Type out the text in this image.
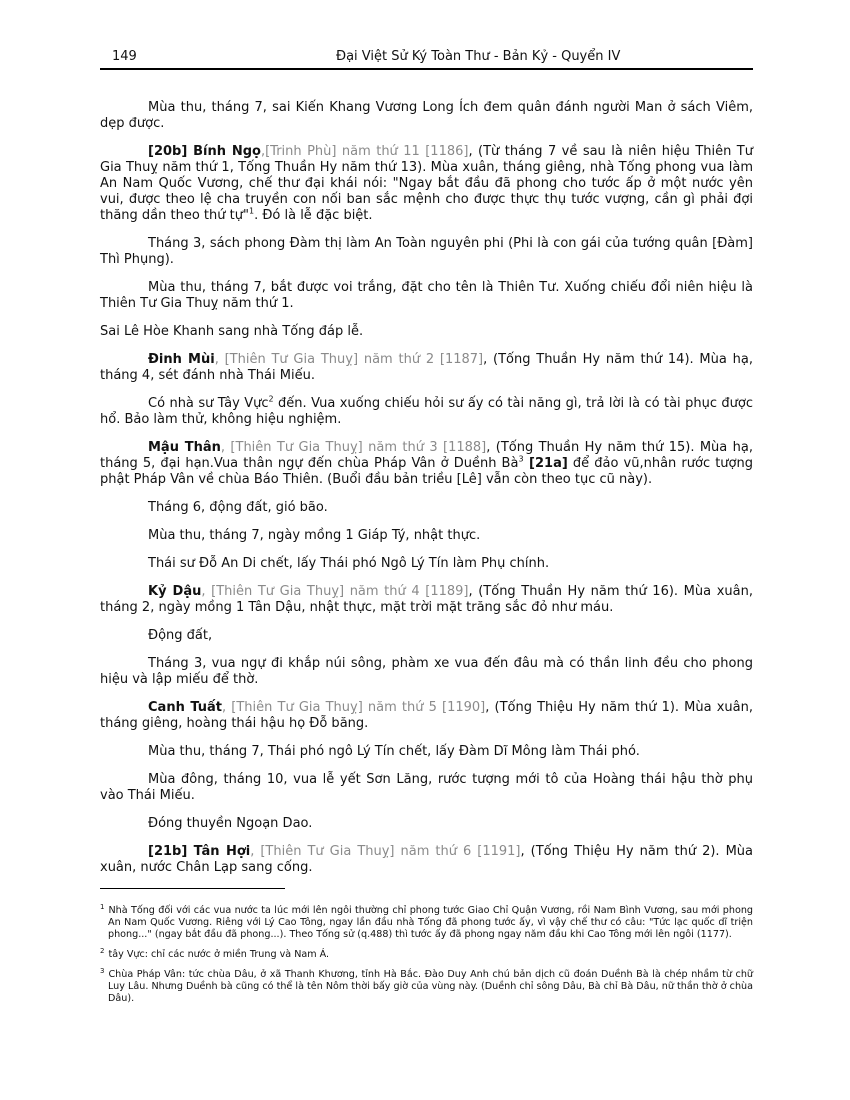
149	Đại Việt Sử Ký Toàn Thư - Bản Kỷ - Quyển IV

Mùa thu, tháng 7, sai Kiến Khang Vương Long Ích đem quân đánh người Man ở sách Viêm, dẹp được.

[20b] Bính Ngọ,[Trinh Phù] năm thứ 11 [1186], (Từ tháng 7 về sau là niên hiệu Thiên Tư Gia Thuỵ năm thứ 1, Tống Thuần Hy năm thứ 13). Mùa xuân, tháng giêng, nhà Tống phong vua làm An Nam Quốc Vương, chế thư đại khái nói: "Ngay bắt đầu đã phong cho tước ấp ở một nước yên vui, được theo lệ cha truyền con nối ban sắc mệnh cho được thực thụ tước vượng, cần gì phải đợi thăng dần theo thứ tự"$^1$. Đó là lễ đặc biệt.

Tháng 3, sách phong Đàm thị làm An Toàn nguyên phi (Phi là con gái của tướng quân [Đàm] Thì Phụng).

Mùa thu, tháng 7, bắt được voi trắng, đặt cho tên là Thiên Tư. Xuống chiếu đổi niên hiệu là Thiên Tư Gia Thuỵ năm thứ 1.

Sai Lê Hòe Khanh sang nhà Tống đáp lễ.

Đinh Mùi, [Thiên Tư Gia Thuỵ] năm thứ 2 [1187], (Tống Thuần Hy năm thứ 14). Mùa hạ, tháng 4, sét đánh nhà Thái Miếu.

Có nhà sư Tây Vực$^2$ đến. Vua xuống chiếu hỏi sư ấy có tài năng gì, trả lời là có tài phục được hổ. Bảo làm thử, không hiệu nghiệm.

Mậu Thân, [Thiên Tư Gia Thuỵ] năm thứ 3 [1188], (Tống Thuần Hy năm thứ 15). Mùa hạ, tháng 5, đại hạn.Vua thân ngự đến chùa Pháp Vân ở Duềnh $Bà^3$ [21a] để đảo vũ,nhân rước tượng phật Pháp Vân về chùa Báo Thiên. (Buổi đầu bản triều [Lê] vẫn còn theo tục cũ này).

Tháng 6, động đất, gió bão.

Mùa thu, tháng 7, ngày mồng 1 Giáp Tý, nhật thực.

Thái sư Đỗ An Di chết, lấy Thái phó Ngô Lý Tín làm Phụ chính.

Kỷ Dậu, [Thiên Tư Gia Thuỵ] năm thứ 4 [1189], (Tống Thuần Hy năm thứ 16). Mùa xuân, tháng 2, ngày mồng 1 Tân Dậu, nhật thực, mặt trời mặt trăng sắc đỏ như máu.

Động đất,

Tháng 3, vua ngự đi khắp núi sông, phàm xe vua đến đâu mà có thần linh đều cho phong hiệu và lập miếu để thờ.

Canh Tuất, [Thiên Tư Gia Thuỵ] năm thứ 5 [1190], (Tống Thiệu Hy năm thứ 1). Mùa xuân, tháng giêng, hoàng thái hậu họ Đỗ băng.

Mùa thu, tháng 7, Thái phó ngô Lý Tín chết, lấy Đàm Dĩ Mông làm Thái phó.

Mùa đông, tháng 10, vua lễ yết Sơn Lăng, rước tượng mới tô của Hoàng thái hậu thờ phụ vào Thái Miếu.

Đóng thuyền Ngoạn Dao.

[21b] Tân Hợi, [Thiên Tư Gia Thuỵ] năm thứ 6 [1191], (Tống Thiệu Hy năm thứ 2). Mùa xuân, nước Chân Lạp sang cống.

$^1$ Nhà Tống đối với các vua nước ta lúc mới lên ngôi thường chỉ phong tước Giao Chỉ Quận Vương, rồi Nam Bình Vương, sau mới phong An Nam Quốc Vương. Riêng với Lý Cao Tông, ngay lần đầu nhà Tống đã phong tước ấy, vì vậy chế thư có câu: "Tức lạc quốc dĩ triện phong..." (ngay bắt đầu đã phong...). Theo Tống sử (q.488) thì tước ấy đã phong ngay năm đầu khi Cao Tông mới lên ngôi (1177).
$^2$ tây Vực: chỉ các nước ở miền Trung và Nam Á.
$^3$ Chùa Pháp Vân: tức chùa Dâu, ở xã Thanh Khương, tỉnh Hà Bắc. Đào Duy Anh chú bản dịch cũ đoán Duềnh Bà là chép nhầm từ chữ Luy Lâu. Nhưng Duềnh bà cũng có thể là tên Nôm thời bấy giờ của vùng này. (Duềnh chỉ sông Dâu, Bà chỉ Bà Dâu, nữ thần thờ ở chùa Dâu).
